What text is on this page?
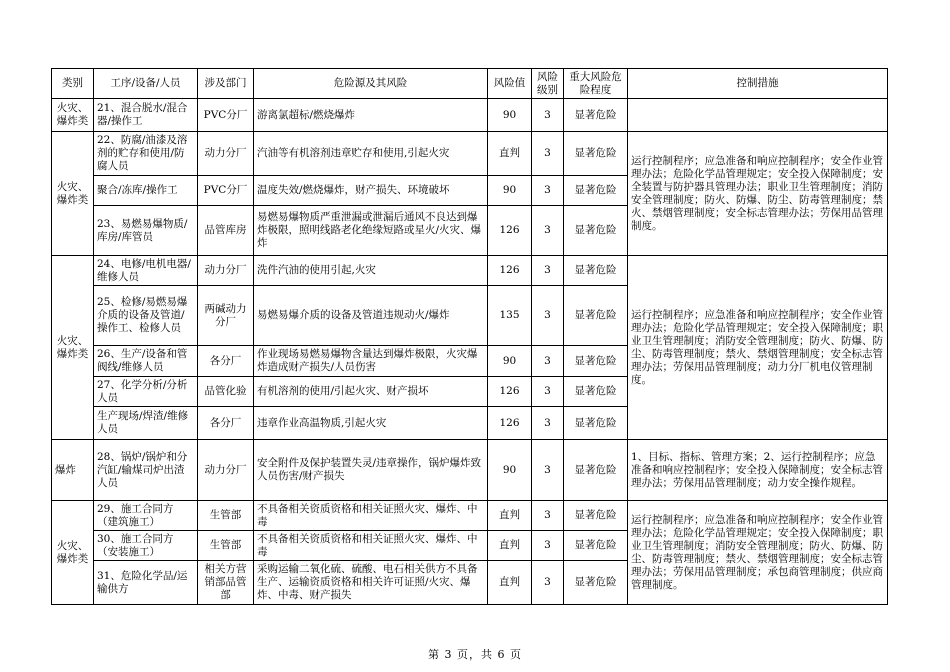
类别	工序/设备/人员	涉及部门	危险源及其风险	风险值	风险级别	重大风险危险程度	控制措施
火灾、爆炸类	21、混合脱水/混合器/操作工	PVC分厂	游离氯超标/燃烧爆炸	90	3	显著危险	
火灾、爆炸类	22、防腐/油漆及溶剂的贮存和使用/防腐人员	动力分厂	汽油等有机溶剂违章贮存和使用,引起火灾	直判	3	显著危险	运行控制程序；应急准备和响应控制程序；安全作业管理办法；危险化学品管理规定；安全投入保障制度；安全装置与防护器具管理办法；职业卫生管理制度；消防安全管理制度；防火、防爆、防尘、防毒管理制度；禁火、禁烟管理制度；安全标志管理办法；劳保用品管理制度。
	聚合/冻库/操作工	PVC分厂	温度失效/燃烧爆炸，财产损失、环境破坏	90	3	显著危险	
	23、易燃易爆物质/库房/库管员	品管库房	易燃易爆物质严重泄漏或泄漏后通风不良达到爆炸极限，照明线路老化绝缘短路或星火/火灾、爆炸	126	3	显著危险	
火灾、爆炸类	24、电修/电机电器/维修人员	动力分厂	洗件汽油的使用引起,火灾	126	3	显著危险	运行控制程序；应急准备和响应控制程序；安全作业管理办法；危险化学品管理规定；安全投入保障制度；职业卫生管理制度；消防安全管理制度；防火、防爆、防尘、防毒管理制度；禁火、禁烟管理制度；安全标志管理办法；劳保用品管理制度；动力分厂机电仪管理制度。
	25、检修/易燃易爆介质的设备及管道/操作工、检修人员	两碱动力分厂	易燃易爆介质的设备及管道违规动火/爆炸	135	3	显著危险	
	26、生产/设备和管阀线/维修人员	各分厂	作业现场易燃易爆物含量达到爆炸极限，火灾爆炸造成财产损失/人员伤害	90	3	显著危险	
	27、化学分析/分析人员	品管化验	有机溶剂的使用/引起火灾、财产损坏	126	3	显著危险	
	生产现场/焊渣/维修人员	各分厂	违章作业高温物质,引起火灾	126	3	显著危险	
爆炸	28、锅炉/锅炉和分汽缸/输煤司炉出渣人员	动力分厂	安全附件及保护装置失灵/违章操作，锅炉爆炸致人员伤害/财产损失	90	3	显著危险	1、目标、指标、管理方案；2、运行控制程序；应急准备和响应控制程序；安全投入保障制度；安全标志管理办法；劳保用品管理制度；动力安全操作规程。
火灾、爆炸类	29、施工合同方（建筑施工）	生管部	不具备相关资质资格和相关证照火灾、爆炸、中毒	直判	3	显著危险	运行控制程序；应急准备和响应控制程序；安全作业管理办法；危险化学品管理规定；安全投入保障制度；职业卫生管理制度；消防安全管理制度；防火、防爆、防尘、防毒管理制度；禁火、禁烟管理制度；安全标志管理办法；劳保用品管理制度；承包商管理制度；供应商管理制度。
	30、施工合同方（安装施工）	生管部	不具备相关资质资格和相关证照火灾、爆炸、中毒	直判	3	显著危险	
	31、危险化学品/运输供方	相关方营销部品管部	采购运输二氧化硫、硫酸、电石相关供方不具备生产、运输资质资格和相关许可证照/火灾、爆炸、中毒、财产损失	直判	3	显著危险	
第 3 页，共 6 页
